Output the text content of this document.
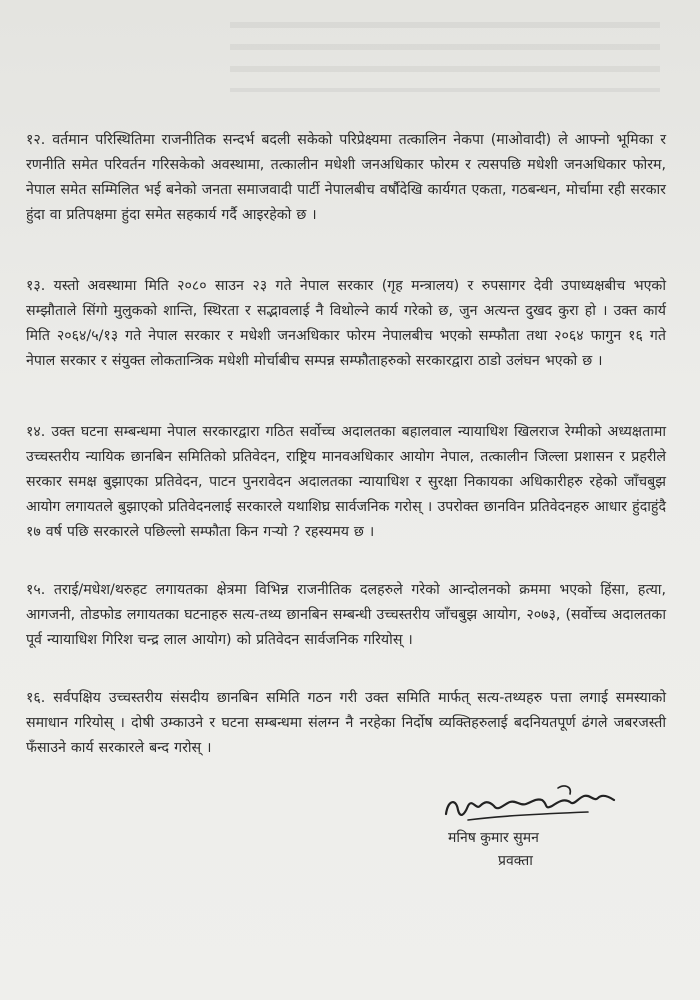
१२. वर्तमान परिस्थितिमा राजनीतिक सन्दर्भ बदली सकेको परिप्रेक्ष्यमा तत्कालिन नेकपा (माओवादी) ले आफ्नो भूमिका र रणनीति समेत परिवर्तन गरिसकेको अवस्थामा, तत्कालीन मधेशी जनअधिकार फोरम र त्यसपछि मधेशी जनअधिकार फोरम, नेपाल समेत सम्मिलित भई बनेको जनता समाजवादी पार्टी नेपालबीच वर्षौदेखि कार्यगत एकता, गठबन्धन, मोर्चामा रही सरकार हुंदा वा प्रतिपक्षमा हुंदा समेत सहकार्य गर्दै आइरहेको छ ।

१३. यस्तो अवस्थामा मिति २०८० साउन २३ गते नेपाल सरकार (गृह मन्त्रालय) र रुपसागर देवी उपाध्यक्षबीच भएको सम्झौताले सिंगो मुलुकको शान्ति, स्थिरता र सद्भावलाई नै विथोल्ने कार्य गरेको छ, जुन अत्यन्त दुखद कुरा हो । उक्त कार्य मिति २०६४/५/१३ गते नेपाल सरकार र मधेशी जनअधिकार फोरम नेपालबीच भएको सम्फौता तथा २०६४ फागुन १६ गते नेपाल सरकार र संयुक्त लोकतान्त्रिक मधेशी मोर्चाबीच सम्पन्न सम्फौताहरुको सरकारद्वारा ठाडो उलंघन भएको छ ।

१४. उक्त घटना सम्बन्धमा नेपाल सरकारद्वारा गठित सर्वोच्च अदालतका बहालवाल न्यायाधिश खिलराज रेग्मीको अध्यक्षतामा उच्चस्तरीय न्यायिक छानबिन समितिको प्रतिवेदन, राष्ट्रिय मानवअधिकार आयोग नेपाल, तत्कालीन जिल्ला प्रशासन र प्रहरीले सरकार समक्ष बुझाएका प्रतिवेदन, पाटन पुनरावेदन अदालतका न्यायाधिश र सुरक्षा निकायका अधिकारीहरु रहेको जाँचबुझ आयोग लगायतले बुझाएको प्रतिवेदनलाई सरकारले यथाशिघ्र सार्वजनिक गरोस् । उपरोक्त छानविन प्रतिवेदनहरु आधार हुंदाहुंदै १७ वर्ष पछि सरकारले पछिल्लो सम्फौता किन गऱ्यो ? रहस्यमय छ ।

१५. तराई/मधेश/थरुहट लगायतका क्षेत्रमा विभिन्न राजनीतिक दलहरुले गरेको आन्दोलनको क्रममा भएको हिंसा, हत्या, आगजनी, तोडफोड लगायतका घटनाहरु सत्य-तथ्य छानबिन सम्बन्धी उच्चस्तरीय जाँचबुझ आयोग, २०७३, (सर्वोच्च अदालतका पूर्व न्यायाधिश गिरिश चन्द्र लाल आयोग) को प्रतिवेदन सार्वजनिक गरियोस् ।

१६. सर्वपक्षिय उच्चस्तरीय संसदीय छानबिन समिति गठन गरी उक्त समिति मार्फत् सत्य-तथ्यहरु पत्ता लगाई समस्याको समाधान गरियोस् । दोषी उम्काउने र घटना सम्बन्धमा संलग्न नै नरहेका निर्दोष व्यक्तिहरुलाई बदनियतपूर्ण ढंगले जबरजस्ती फँसाउने कार्य सरकारले बन्द गरोस् ।

मनिष कुमार सुमन

प्रवक्ता
